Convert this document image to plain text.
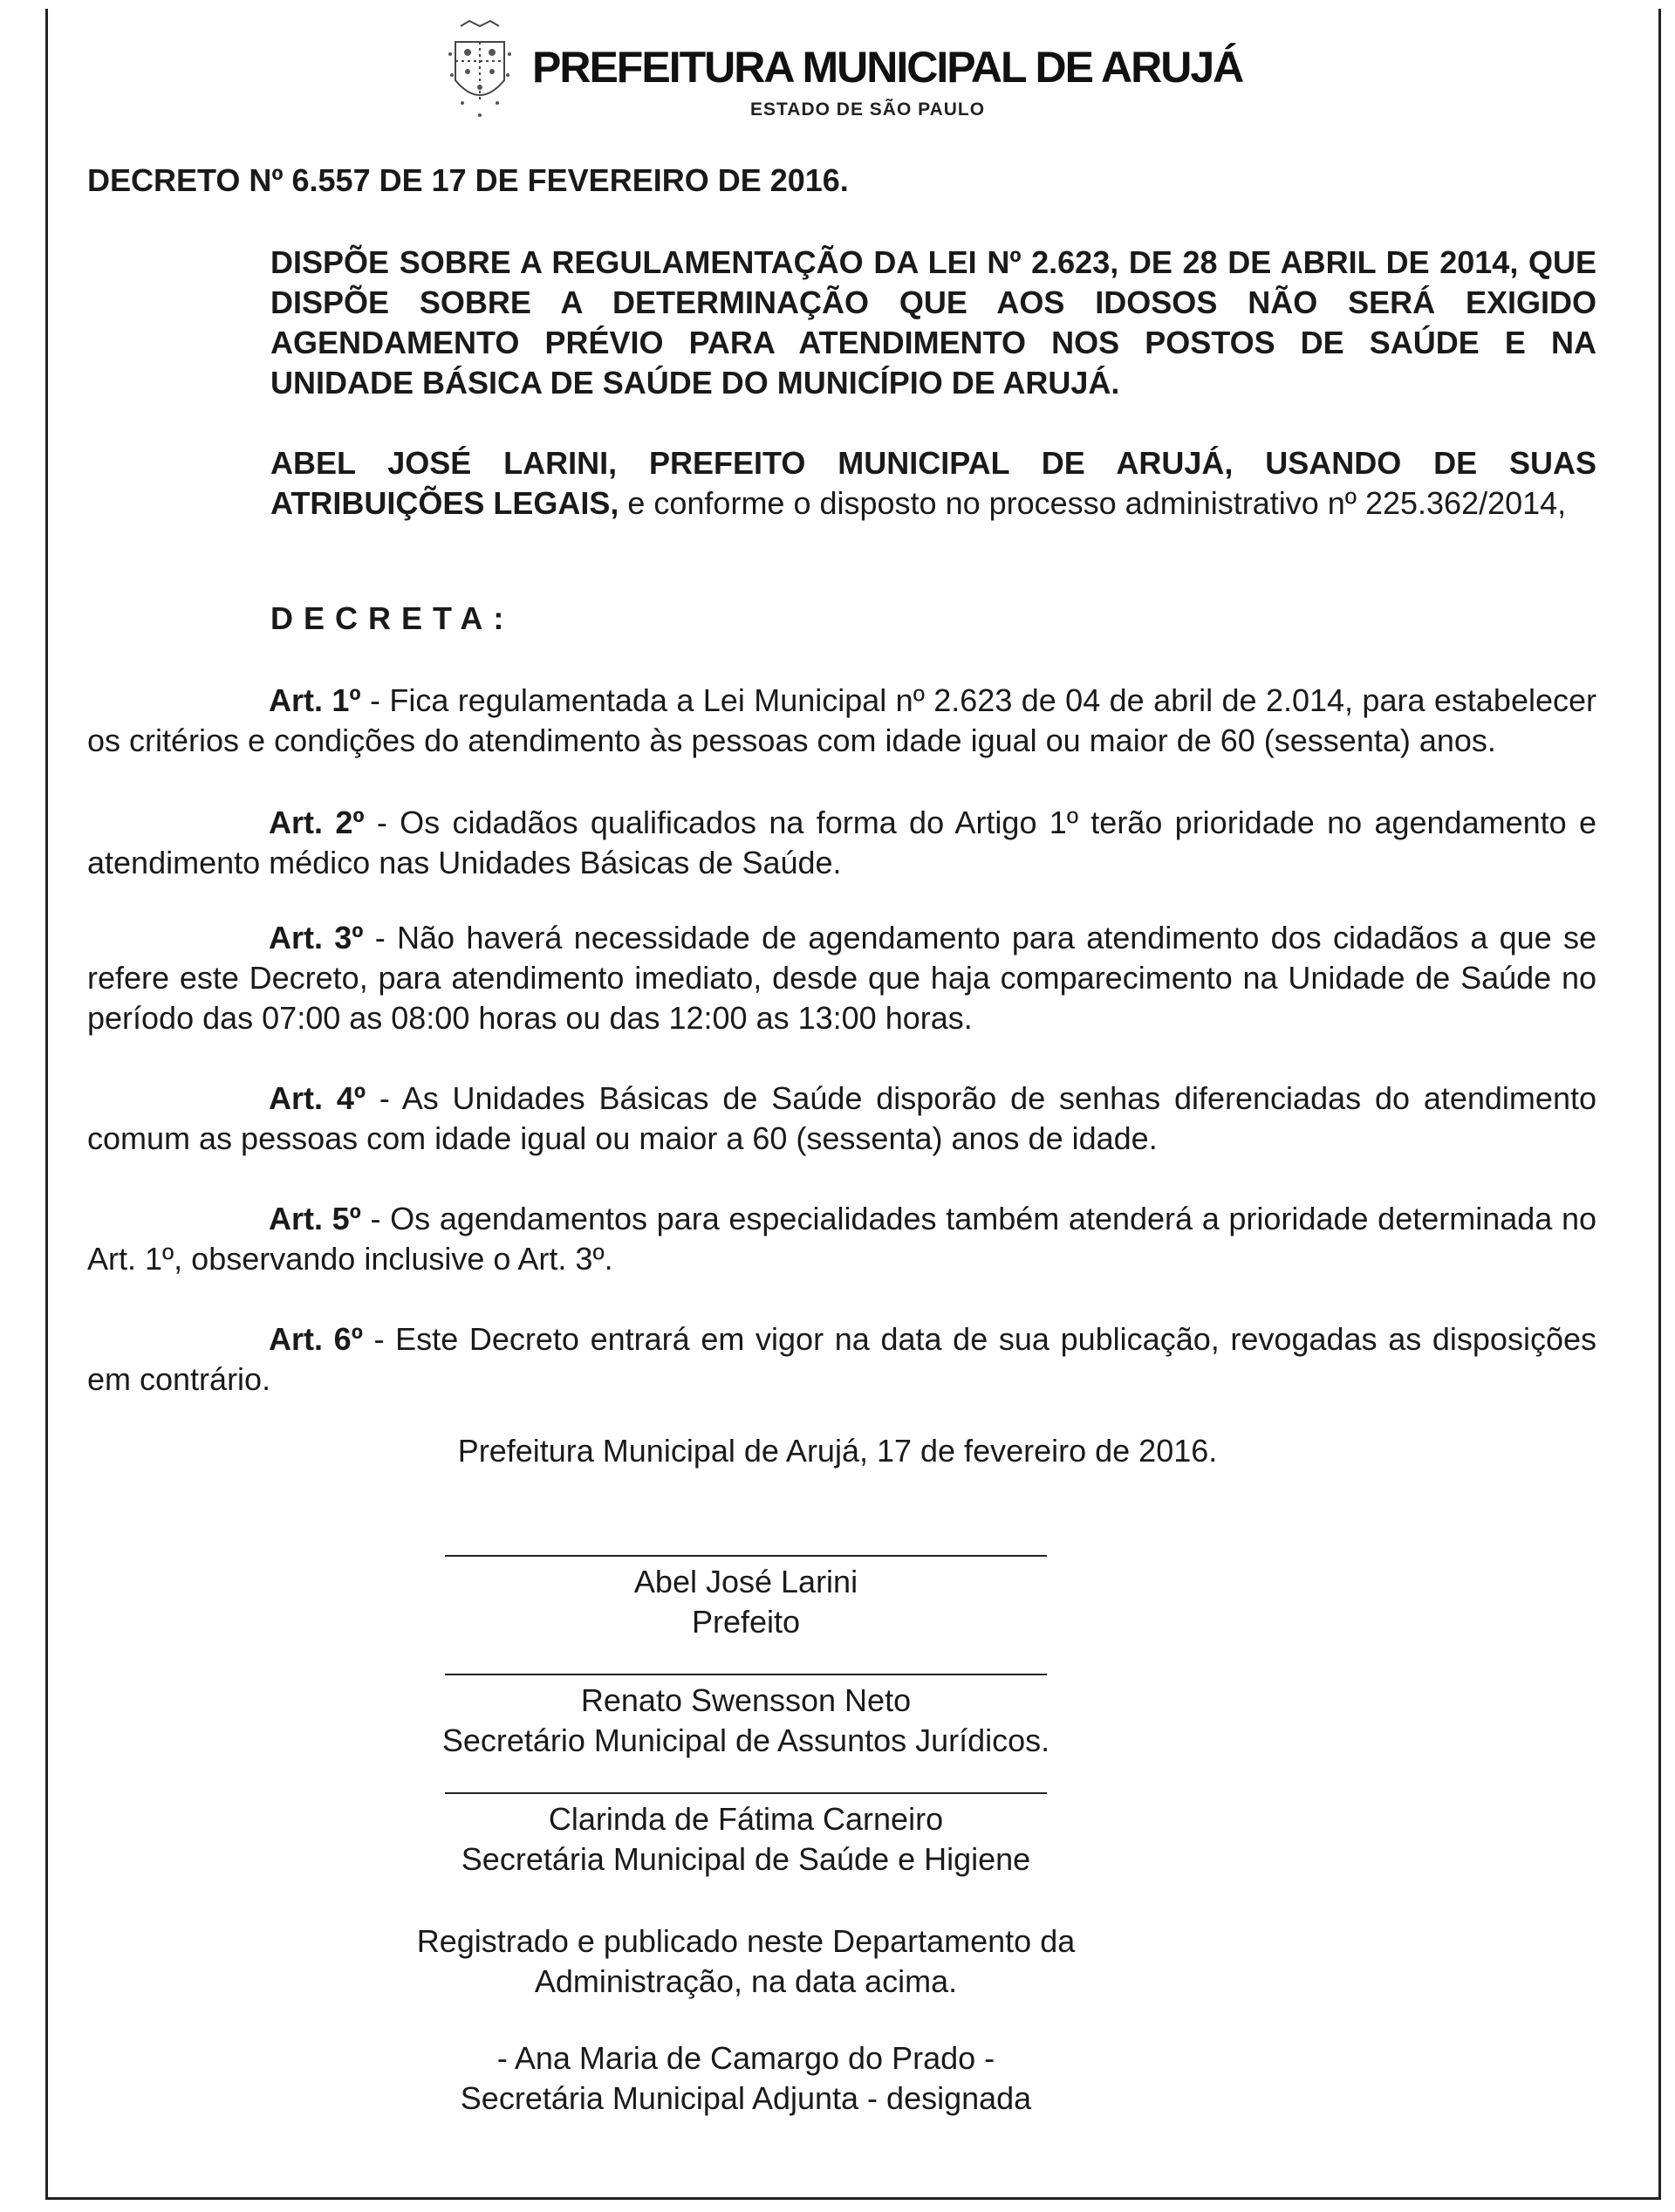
PREFEITURA MUNICIPAL DE ARUJÁ
ESTADO DE SÃO PAULO
DECRETO Nº 6.557 DE 17 DE FEVEREIRO DE 2016.
DISPÕE SOBRE A REGULAMENTAÇÃO DA LEI Nº 2.623, DE 28 DE ABRIL DE 2014, QUE DISPÕE SOBRE A DETERMINAÇÃO QUE AOS IDOSOS NÃO SERÁ EXIGIDO AGENDAMENTO PRÉVIO PARA ATENDIMENTO NOS POSTOS DE SAÚDE E NA UNIDADE BÁSICA DE SAÚDE DO MUNICÍPIO DE ARUJÁ.
ABEL JOSÉ LARINI, PREFEITO MUNICIPAL DE ARUJÁ, USANDO DE SUAS ATRIBUIÇÕES LEGAIS, e conforme o disposto no processo administrativo nº 225.362/2014,
DECRETA:
Art. 1º - Fica regulamentada a Lei Municipal nº 2.623 de 04 de abril de 2.014, para estabelecer os critérios e condições do atendimento às pessoas com idade igual ou maior de 60 (sessenta) anos.
Art. 2º - Os cidadãos qualificados na forma do Artigo 1º terão prioridade no agendamento e atendimento médico nas Unidades Básicas de Saúde.
Art. 3º - Não haverá necessidade de agendamento para atendimento dos cidadãos a que se refere este Decreto, para atendimento imediato, desde que haja comparecimento na Unidade de Saúde no período das 07:00 as 08:00 horas ou das 12:00 as 13:00 horas.
Art. 4º - As Unidades Básicas de Saúde disporão de senhas diferenciadas do atendimento comum as pessoas com idade igual ou maior a 60 (sessenta) anos de idade.
Art. 5º - Os agendamentos para especialidades também atenderá a prioridade determinada no Art. 1º, observando inclusive o Art. 3º.
Art. 6º - Este Decreto entrará em vigor na data de sua publicação, revogadas as disposições em contrário.
Prefeitura Municipal de Arujá, 17 de fevereiro de 2016.
Abel José Larini
Prefeito
Renato Swensson Neto
Secretário Municipal de Assuntos Jurídicos.
Clarinda de Fátima Carneiro
Secretária Municipal de Saúde e Higiene
Registrado e publicado neste Departamento da
Administração, na data acima.
- Ana Maria de Camargo do Prado -
Secretária Municipal Adjunta - designada
